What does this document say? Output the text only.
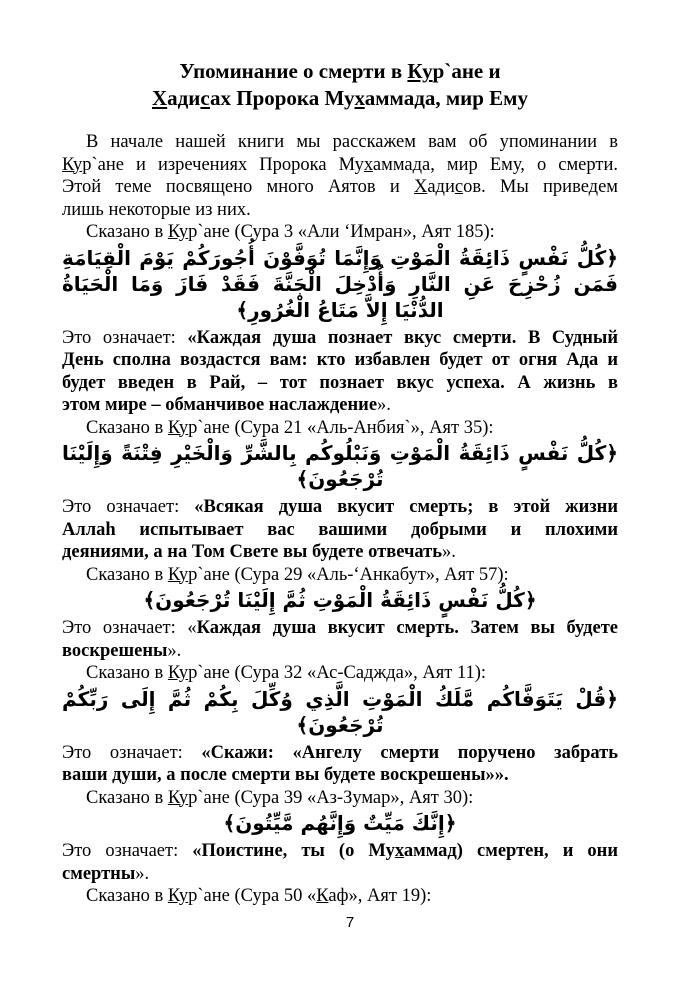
Упоминание о смерти в Кур`ане и
Хадисах Пророка Мухаммада, мир Ему

В начале нашей книги мы расскажем вам об упоминании в

Кур`ане и изречениях Пророка Мухаммада, мир Ему, о смерти.

Этой теме посвящено много Аятов и Хадисов. Мы приведем

лишь некоторые из них.

Сказано в Кур`ане (Сура 3 «Али ‘Имран», Аят 185):

﴿كُلُّ نَفْسٍ ذَائِقَةُ الْمَوْتِ وَإِنَّمَا تُوَفَّوْنَ أُجُورَكُمْ يَوْمَ الْقِيَامَةِ فَمَن زُحْزِحَ عَنِ النَّارِ وَأُدْخِلَ الْجَنَّةَ فَقَدْ فَازَ وَمَا الْحَيَاةُ الدُّنْيَا إِلاَّ مَتَاعُ الْغُرُورِ﴾

Это означает: «Каждая душа познает вкус смерти. В Судный

День сполна воздастся вам: кто избавлен будет от огня Ада и

будет введен в Рай, – тот познает вкус успеха. А жизнь в

этом мире – обманчивое наслаждение».

Сказано в Кур`ане (Сура 21 «Аль-Анбия`», Аят 35):

﴿كُلُّ نَفْسٍ ذَائِقَةُ الْمَوْتِ وَنَبْلُوكُم بِالشَّرِّ وَالْخَيْرِ فِتْنَةً وَإِلَيْنَا تُرْجَعُونَ﴾

Это означает: «Всякая душа вкусит смерть; в этой жизни

Аллаh испытывает вас вашими добрыми и плохими

деяниями, а на Том Свете вы будете отвечать».

Сказано в Кур`ане (Сура 29 «Аль-‘Анкабут», Аят 57):

﴿كُلُّ نَفْسٍ ذَائِقَةُ الْمَوْتِ ثُمَّ إِلَيْنَا تُرْجَعُونَ﴾

Это означает: «Каждая душа вкусит смерть. Затем вы будете

воскрешены».

Сказано в Кур`ане (Сура 32 «Ас-Саджда», Аят 11):

﴿قُلْ يَتَوَفَّاكُم مَّلَكُ الْمَوْتِ الَّذِي وُكِّلَ بِكُمْ ثُمَّ إِلَى رَبِّكُمْ تُرْجَعُونَ﴾

Это означает: «Скажи: «Ангелу смерти поручено забрать

ваши души, а после смерти вы будете воскрешены»».

Сказано в Кур`ане (Сура 39 «Аз-Зумар», Аят 30):

﴿إِنَّكَ مَيِّتٌ وَإِنَّهُم مَّيِّتُونَ﴾

Это означает: «Поистине, ты (о Мухаммад) смертен, и они

смертны».

Сказано в Кур`ане (Сура 50 «Каф», Аят 19):

7
